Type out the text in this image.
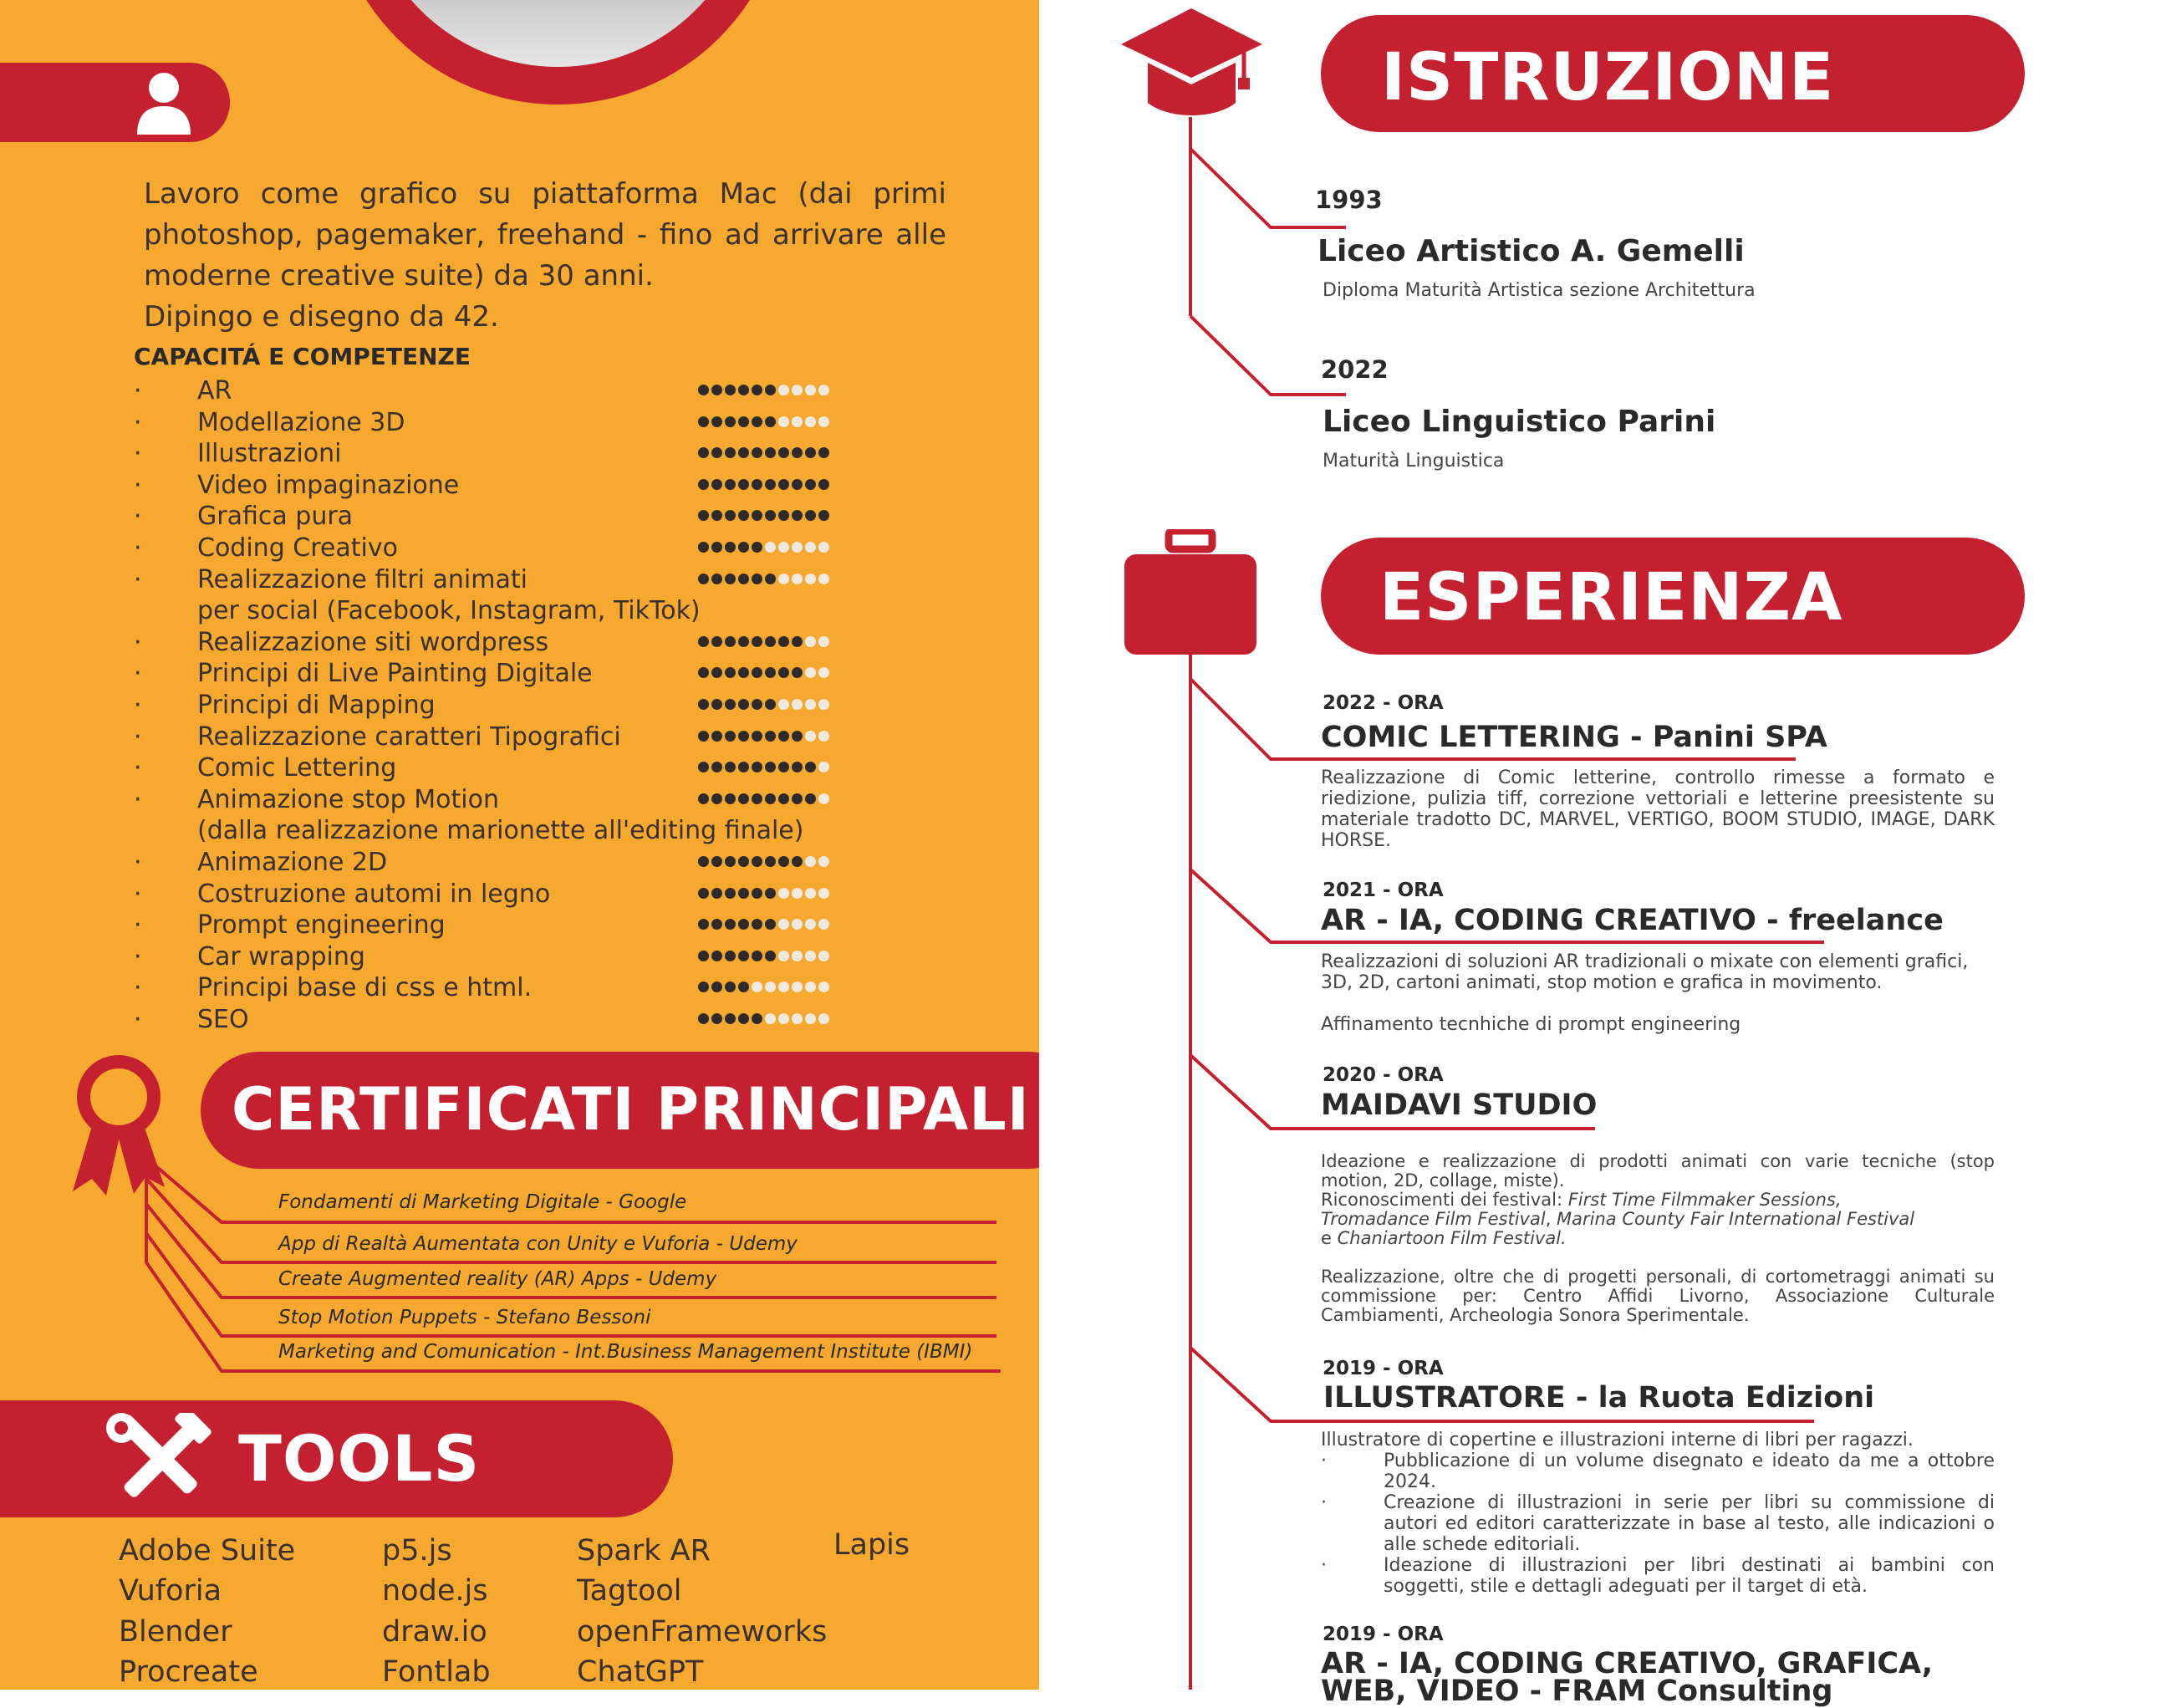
Lavoro come grafico su piattaforma Mac (dai primi
photoshop, pagemaker, freehand - fino ad arrivare alle
moderne creative suite) da 30 anni.
Dipingo e disegno da 42.
CAPACITÁ E COMPETENZE
· AR
· Modellazione 3D
· Illustrazioni
· Video impaginazione
· Grafica pura
· Coding Creativo
· Realizzazione filtri animati
per social (Facebook, Instagram, TikTok)
· Realizzazione siti wordpress
· Principi di Live Painting Digitale
· Principi di Mapping
· Realizzazione caratteri Tipografici
· Comic Lettering
· Animazione stop Motion
(dalla realizzazione marionette all'editing finale)
· Animazione 2D
· Costruzione automi in legno
· Prompt engineering
· Car wrapping
· Principi base di css e html.
· SEO
CERTIFICATI PRINCIPALI
Fondamenti di Marketing Digitale - Google
App di Realtà Aumentata con Unity e Vuforia - Udemy
Create Augmented reality (AR) Apps - Udemy
Stop Motion Puppets - Stefano Bessoni
Marketing and Comunication - Int.Business Management Institute (IBMI)
TOOLS
Adobe Suite
Vuforia
Blender
Procreate
p5.js
node.js
draw.io
Fontlab
Spark AR
Tagtool
openFrameworks
ChatGPT
Lapis
ISTRUZIONE
1993
Liceo Artistico A. Gemelli
Diploma Maturità Artistica sezione Architettura
2022
Liceo Linguistico Parini
Maturità Linguistica
ESPERIENZA
2022 - ORA
COMIC LETTERING - Panini SPA
Realizzazione di Comic letterine, controllo rimesse a formato e riedizione, pulizia tiff, correzione vettoriali e letterine preesistente su materiale tradotto DC, MARVEL, VERTIGO, BOOM STUDIO, IMAGE, DARK HORSE.
2021 - ORA
AR - IA, CODING CREATIVO - freelance
Realizzazioni di soluzioni AR tradizionali o mixate con elementi grafici, 3D, 2D, cartoni animati, stop motion e grafica in movimento.
Affinamento tecnhiche di prompt engineering
2020 - ORA
MAIDAVI STUDIO
Ideazione e realizzazione di prodotti animati con varie tecniche (stop motion, 2D, collage, miste).
Riconoscimenti dei festival: First Time Filmmaker Sessions,
Tromadance Film Festival, Marina County Fair International Festival
e Chaniartoon Film Festival.
Realizzazione, oltre che di progetti personali, di cortometraggi animati su commissione per: Centro Affidi Livorno, Associazione Culturale Cambiamenti, Archeologia Sonora Sperimentale.
2019 - ORA
ILLUSTRATORE - la Ruota Edizioni
Illustratore di copertine e illustrazioni interne di libri per ragazzi.
·	Pubblicazione di un volume disegnato e ideato da me a ottobre 2024.
·	Creazione di illustrazioni in serie per libri su commissione di autori ed editori caratterizzate in base al testo, alle indicazioni o alle schede editoriali.
·	Ideazione di illustrazioni per libri destinati ai bambini con soggetti, stile e dettagli adeguati per il target di età.
2019 - ORA
AR - IA, CODING CREATIVO, GRAFICA,
WEB, VIDEO - FRAM Consulting
